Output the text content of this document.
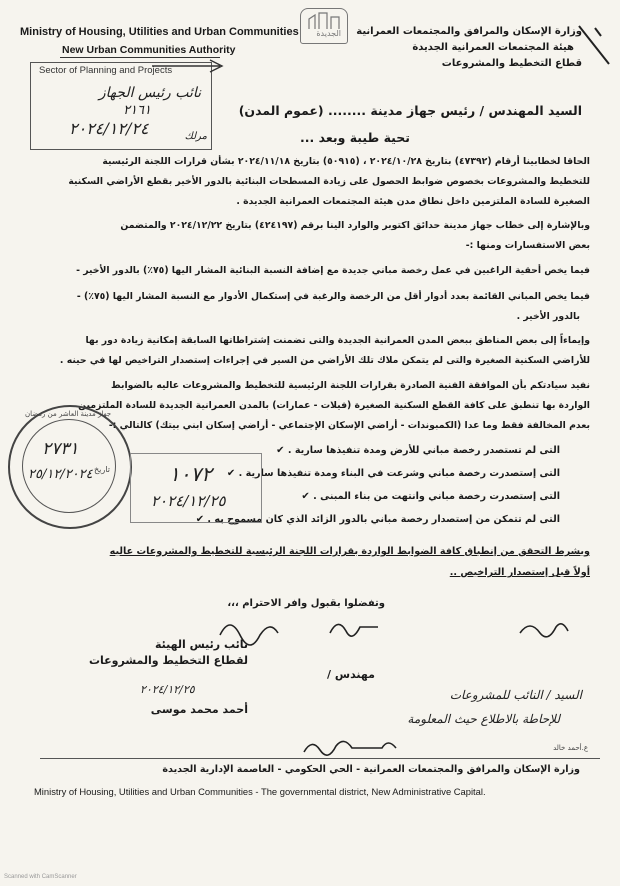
Ministry of Housing, Utilities and Urban Communities
New Urban Communities Authority
Sector of Planning and Projects
نائب رئيس الجهاز
٢١٦١
٢٠٢٤/١٢/٢٤	مرلك
الجديدة وزارة الإسكان والمرافق والمجتمعات العمرانية
هيئة المجتمعات العمرانية الجديدة
قطاع التخطيط والمشروعات
السيد المهندس / رئيس جهاز مدينة ........ (عموم المدن)
تحية طيبة وبعد ...
الحاقا لخطابينا أرقام (٤٧٣٩٢) بتاريخ ٢٠٢٤/١٠/٢٨ ، (٥٠٩١٥) بتاريخ ٢٠٢٤/١١/١٨ بشأن قرارات اللجنة الرئيسية
للتخطيط والمشروعات بخصوص ضوابط الحصول على زيادة المسطحات البنائية بالدور الأخير بقطع الأراضي السكنية
الصغيرة للسادة الملتزمين داخل نطاق مدن هيئة المجتمعات العمرانية الجديدة .
وبالإشارة إلى خطاب جهاز مدينة حدائق اكتوبر والوارد الينا برقم (٤٢٤١٩٧) بتاريخ ٢٠٢٤/١٢/٢٢ والمتضمن
بعض الاستفسارات ومنها :-
فيما يخص أحقية الراغبين في عمل رخصة مباني جديدة مع إضافة النسبة البنائية المشار اليها (٧٥٪) بالدور الأخير -
فيما يخص المباني القائمة بعدد أدوار أقل من الرخصة والرغبة في إستكمال الأدوار مع النسبة المشار اليها (٧٥٪) -
بالدور الأخير .
وإيماءاً إلى بعض المناطق ببعض المدن العمرانية الجديدة والتى تضمنت إشتراطاتها السابقة إمكانية زيادة دور بها
للأراضي السكنية الصغيرة والتى لم يتمكن ملاك تلك الأراضي من السير في إجراءات إستصدار التراخيص لها في حينه .
نفيد سيادتكم بأن الموافقة الفنية الصادرة بقرارات اللجنة الرئيسية للتخطيط والمشروعات عاليه بالضوابط
الواردة بها تنطبق على كافة القطع السكنية الصغيرة (فيلات - عمارات) بالمدن العمرانية الجديدة للسادة الملتزمين
بعدم المخالفة فقط وما عدا (الكمبوندات - أراضي الإسكان الإجتماعي - أراضي إسكان ابني بيتك) كالتالي :-
التى لم تستصدر رخصة مباني للأرض ومدة تنفيذها سارية . ✔
التى إستصدرت رخصة مباني وشرعت في البناء ومدة تنفيذها سارية . ✔
التى إستصدرت رخصة مباني وانتهت من بناء المبنى . ✔
التى لم تتمكن من إستصدار رخصة مباني بالدور الزائد الذي كان مسموح به . ✔
جهاز مدينة العاشر من رمضان
٢٧٣١
تاريخ
٢٥/١٢/٢٠٢٤	١٠٧٢
٢٠٢٤/١٢/٢٥
ويشرط التحقق من إنطباق كافة الضوابط الواردة بقرارات اللجنة الرئيسية للتخطيط والمشروعات عاليه
أولاً قبل إستصدار التراخيص ..
وتفضلوا بقبول وافر الاحترام ،،،
نائب رئيس الهيئة
لقطاع التخطيط والمشروعات
٢٠٢٤/١٢/٢٥
أحمد محمد موسى
مهندس /
السيد / النائب للمشروعات
للإحاطة بالاطلاع حيث المعلومة
ع.أحمد خالد
وزارة الإسكان والمرافق والمجتمعات العمرانية - الحي الحكومي - العاصمة الإدارية الجديدة
Ministry of Housing, Utilities and Urban Communities - The governmental district, New Administrative Capital.
Scanned with CamScanner
